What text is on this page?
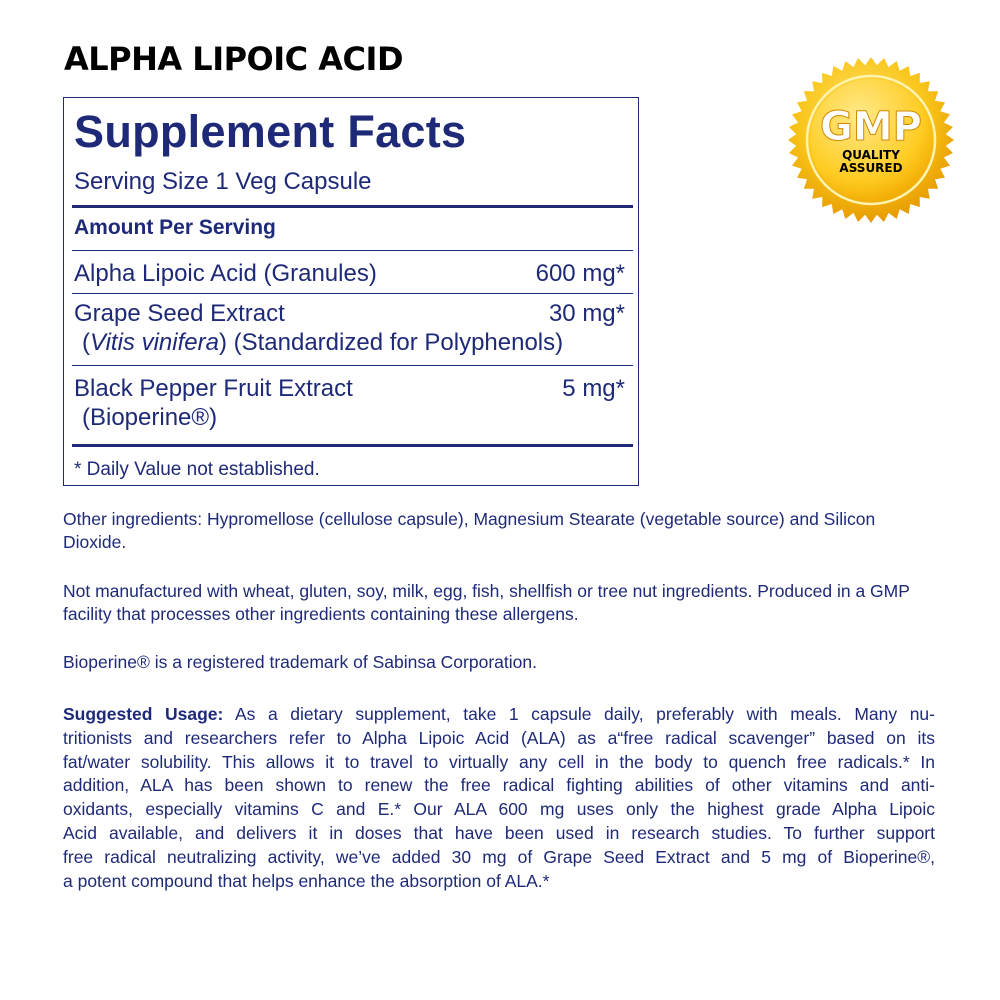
ALPHA LIPOIC ACID
Supplement Facts
Serving Size 1 Veg Capsule
Amount Per Serving
Alpha Lipoic Acid (Granules)	600 mg*
Grape Seed Extract	30 mg*
(Vitis vinifera) (Standardized for Polyphenols)
Black Pepper Fruit Extract	5 mg*
(Bioperine®)
* Daily Value not established.
GMP
QUALITY
ASSURED
Other ingredients: Hypromellose (cellulose capsule), Magnesium Stearate (vegetable source) and Silicon Dioxide.
Not manufactured with wheat, gluten, soy, milk, egg, fish, shellfish or tree nut ingredients. Produced in a GMP facility that processes other ingredients containing these allergens.
Bioperine® is a registered trademark of Sabinsa Corporation.
Suggested Usage: As a dietary supplement, take 1 capsule daily, preferably with meals. Many nu-
tritionists and researchers refer to Alpha Lipoic Acid (ALA) as a“free radical scavenger” based on its
fat/water solubility. This allows it to travel to virtually any cell in the body to quench free radicals.* In
addition, ALA has been shown to renew the free radical fighting abilities of other vitamins and anti-
oxidants, especially vitamins C and E.* Our ALA 600 mg uses only the highest grade Alpha Lipoic
Acid available, and delivers it in doses that have been used in research studies. To further support
free radical neutralizing activity, we’ve added 30 mg of Grape Seed Extract and 5 mg of Bioperine®,
a potent compound that helps enhance the absorption of ALA.*
